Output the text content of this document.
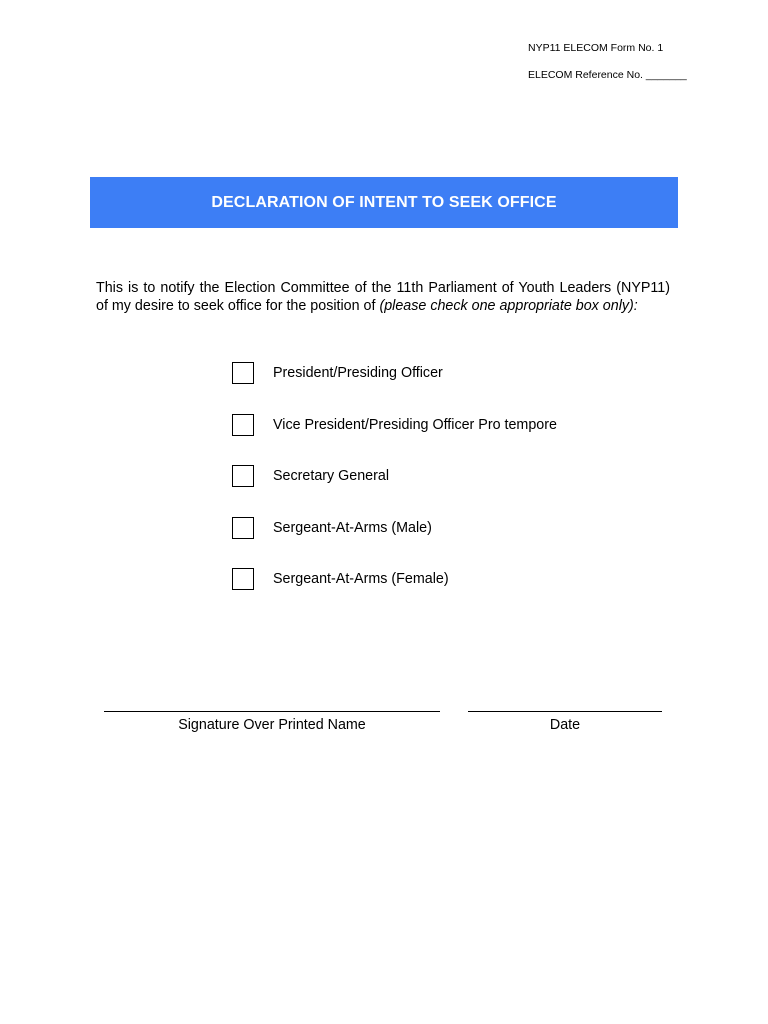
NYP11 ELECOM Form No. 1
ELECOM Reference No. _______
DECLARATION OF INTENT TO SEEK OFFICE

This is to notify the Election Committee of the 11th Parliament of Youth Leaders (NYP11) of my desire to seek office for the position of (please check one appropriate box only):

President/Presiding Officer
Vice President/Presiding Officer Pro tempore
Secretary General
Sergeant-At-Arms (Male)
Sergeant-At-Arms (Female)
Signature Over Printed Name	Date
